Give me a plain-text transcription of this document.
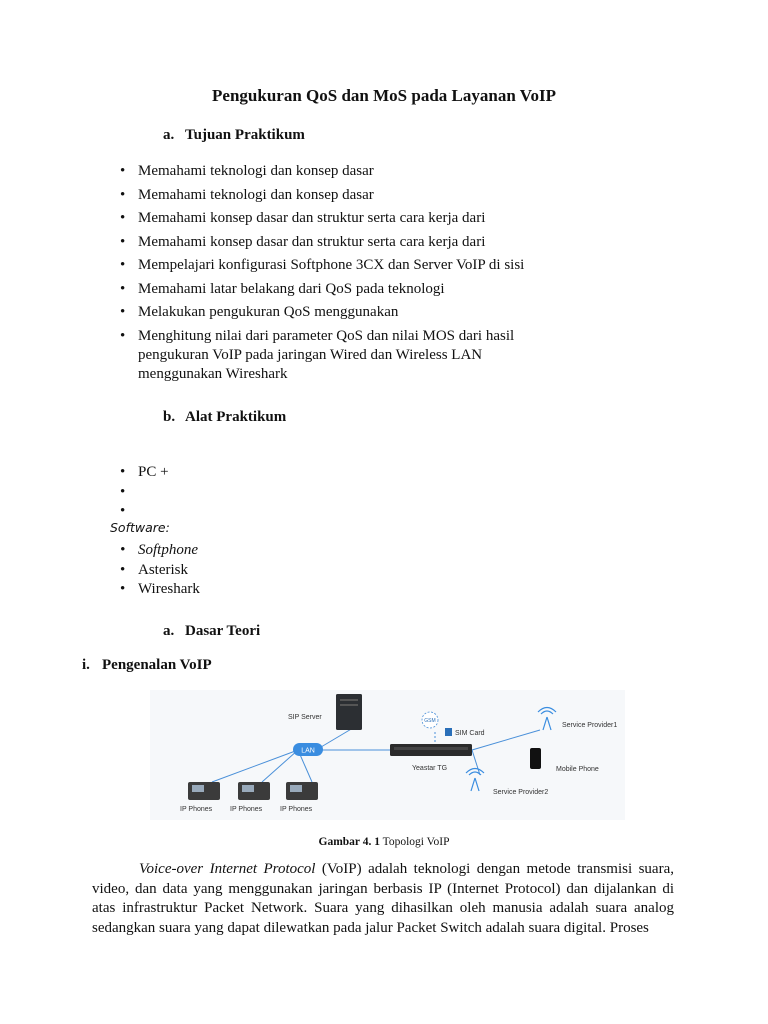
Pengukuran QoS dan MoS pada Layanan VoIP
a. Tujuan Praktikum
• Memahami teknologi dan konsep dasar
• Memahami teknologi dan konsep dasar
• Memahami konsep dasar dan struktur serta cara kerja dari
• Memahami konsep dasar dan struktur serta cara kerja dari
• Mempelajari konfigurasi Softphone 3CX dan Server VoIP di sisi
• Memahami latar belakang dari QoS pada teknologi
• Melakukan pengukuran QoS menggunakan
• Menghitung nilai dari parameter QoS dan nilai MOS dari hasil
pengukuran VoIP pada jaringan Wired dan Wireless LAN
menggunakan Wireshark
b. Alat Praktikum
• PC +
•
•
Software:
• Softphone
• Asterisk
• Wireshark
a. Dasar Teori
i. Pengenalan VoIP
SIP Server
LAN
GSM
SIM Card
Yeastar TG
Service Provider1
Mobile Phone
Service Provider2
IP Phones	IP Phones	IP Phones
Gambar 4. 1 Topologi VoIP
Voice-over Internet Protocol (VoIP) adalah teknologi dengan metode transmisi suara, video, dan data yang menggunakan jaringan berbasis IP (Internet Protocol) dan dijalankan di atas infrastruktur Packet Network. Suara yang dihasilkan oleh manusia adalah suara analog sedangkan suara yang dapat dilewatkan pada jalur Packet Switch adalah suara digital. Proses
